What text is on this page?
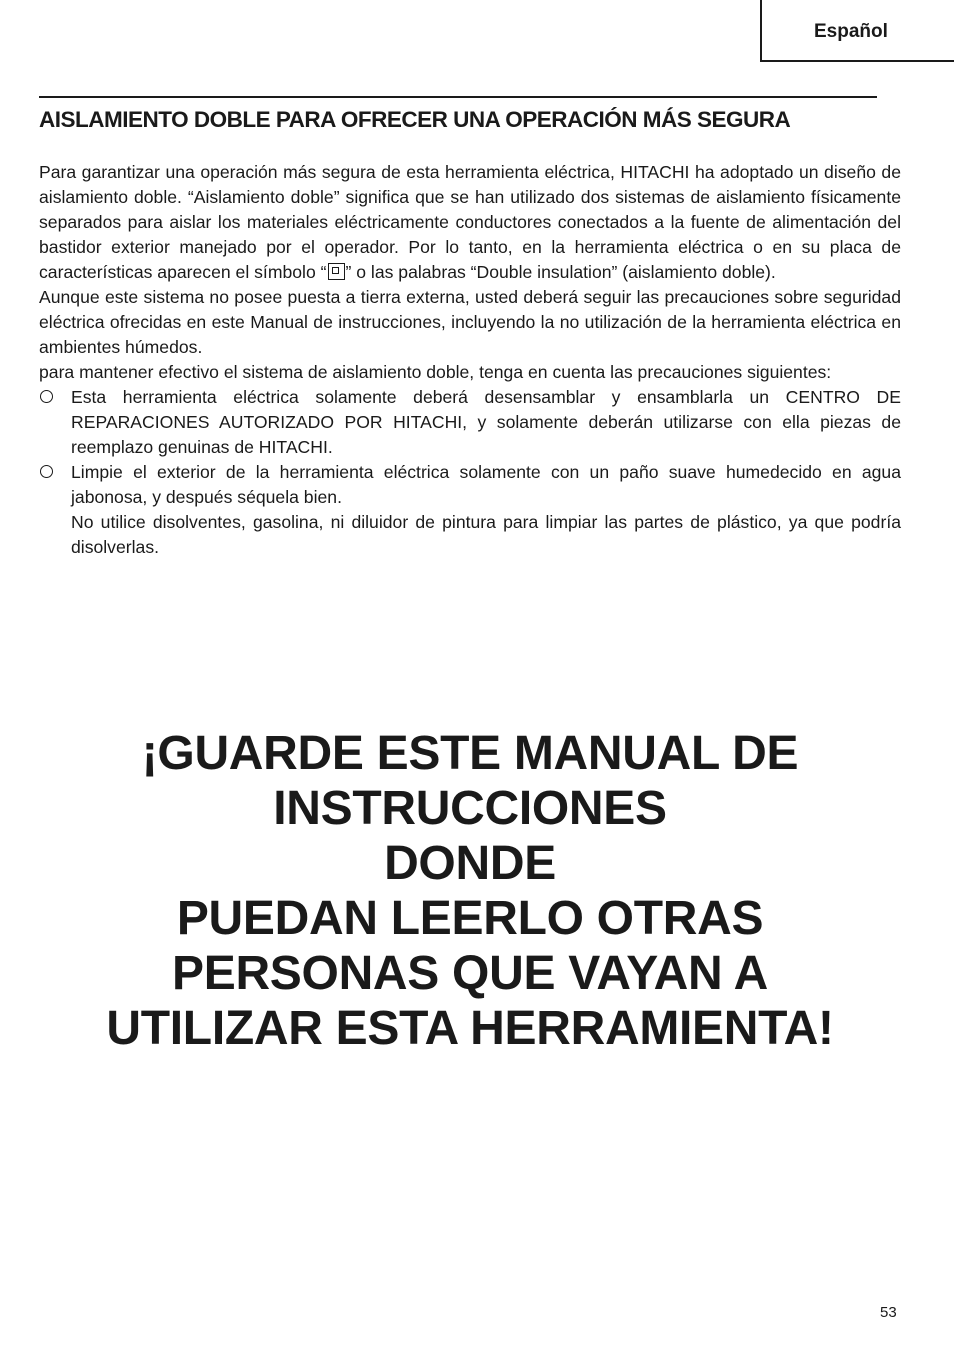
Español
AISLAMIENTO DOBLE PARA OFRECER UNA OPERACIÓN MÁS SEGURA

Para garantizar una operación más segura de esta herramienta eléctrica, HITACHI ha adoptado un diseño de aislamiento doble. “Aislamiento doble” significa que se han utilizado dos sistemas de aislamiento físicamente separados para aislar los materiales eléctricamente conductores conectados a la fuente de alimentación del bastidor exterior manejado por el operador. Por lo tanto, en la herramienta eléctrica o en su placa de características aparecen el símbolo “ ” o las palabras “Double insulation” (aislamiento doble).

Aunque este sistema no posee puesta a tierra externa, usted deberá seguir las precauciones sobre seguridad eléctrica ofrecidas en este Manual de instrucciones, incluyendo la no utilización de la herramienta eléctrica en ambientes húmedos.

para mantener efectivo el sistema de aislamiento doble, tenga en cuenta las precauciones siguientes:

Esta herramienta eléctrica solamente deberá desensamblar y ensamblarla un CENTRO DE REPARACIONES AUTORIZADO POR HITACHI, y solamente deberán utilizarse con ella piezas de reemplazo genuinas de HITACHI.

Limpie el exterior de la herramienta eléctrica solamente con un paño suave humedecido en agua jabonosa, y después séquela bien.

No utilice disolventes, gasolina, ni diluidor de pintura para limpiar las partes de plástico, ya que podría disolverlas.

¡GUARDE ESTE MANUAL DE
INSTRUCCIONES
DONDE
PUEDAN LEERLO OTRAS
PERSONAS QUE VAYAN A
UTILIZAR ESTA HERRAMIENTA!
53
